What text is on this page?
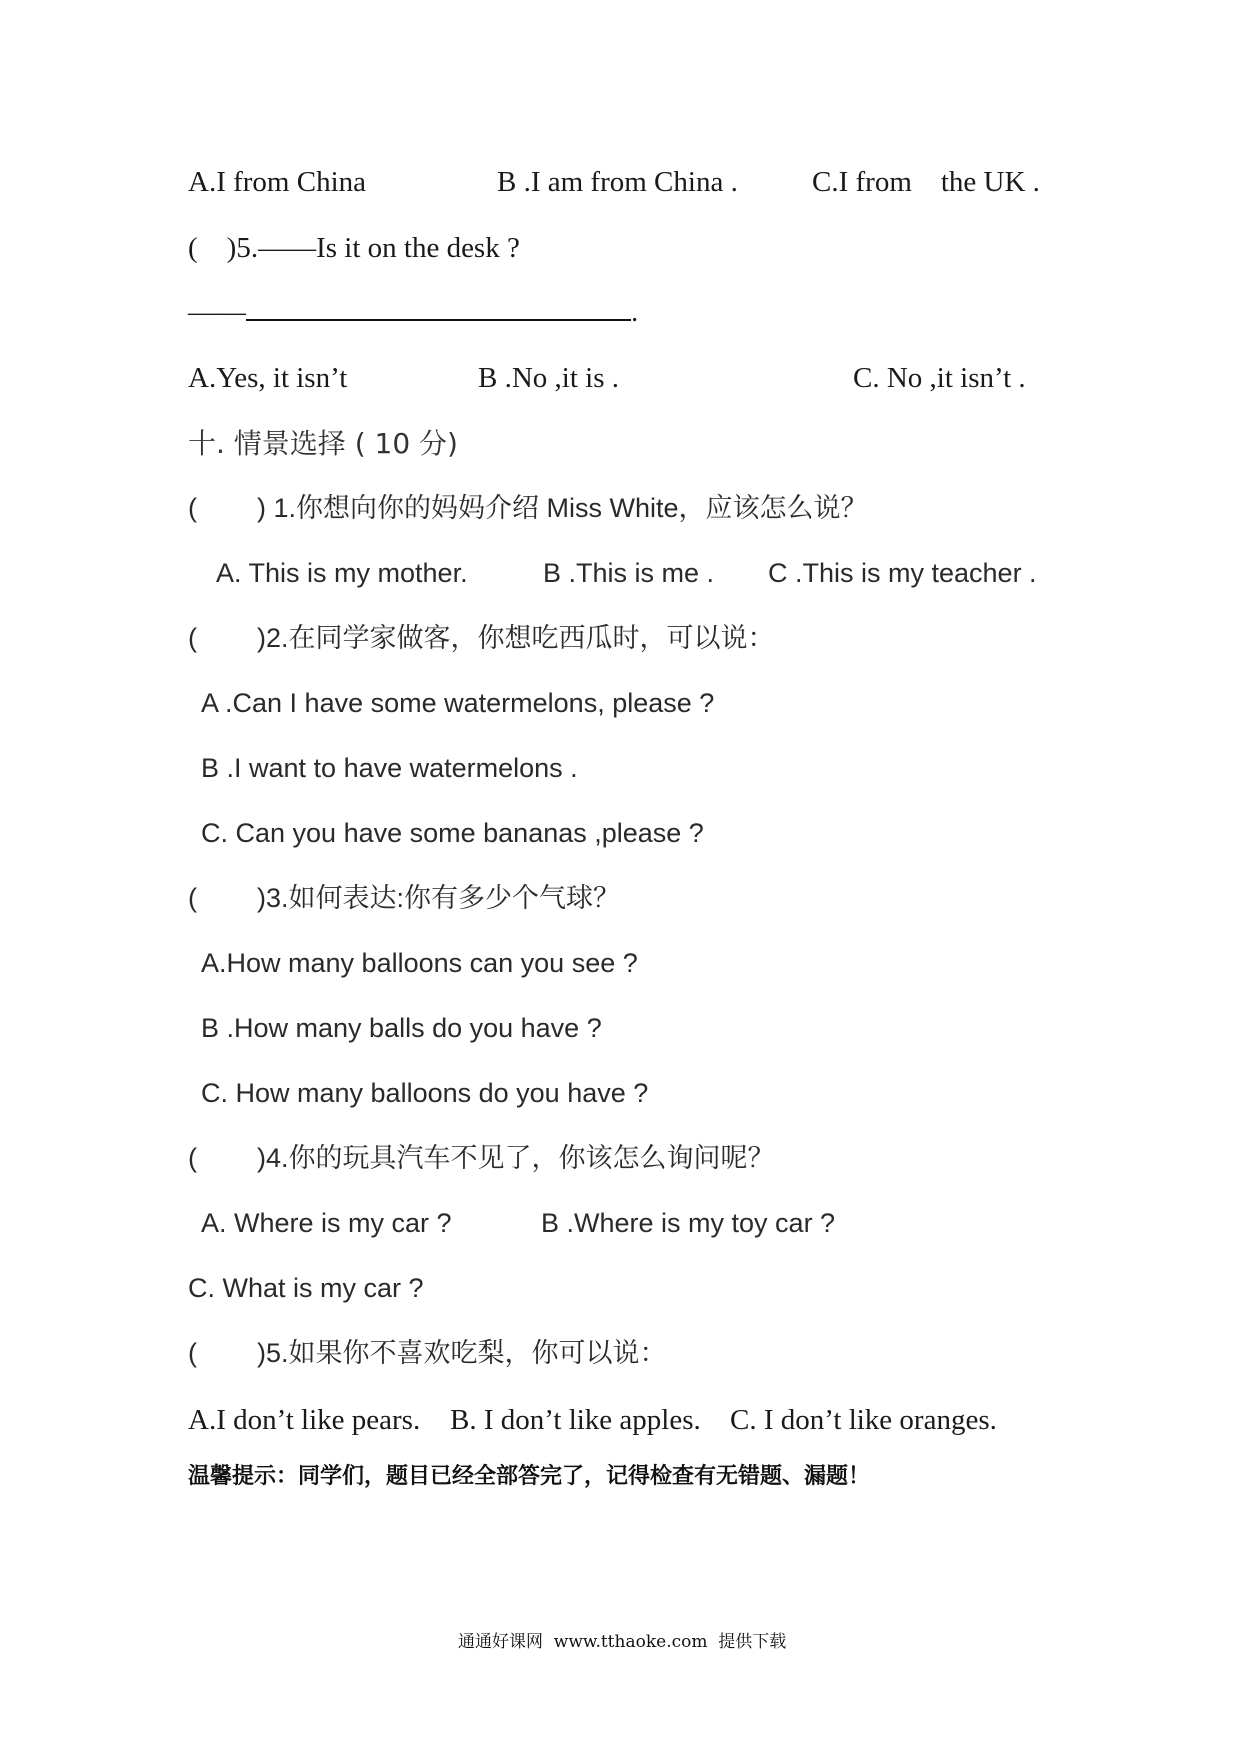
A.I from China	B .I am from China .	C.I from    the UK .
(    )5.——Is it on the desk ?
——	.
A.Yes, it isn’t	B .No ,it is .	C. No ,it isn’t .
十. 情景选择 ( 10 分)
(        ) 1.你想向你的妈妈介绍 Miss White，应该怎么说？
A. This is my mother.	B .This is me . C .This is my teacher .
(        )2.在同学家做客，你想吃西瓜时，可以说：
A .Can I have some watermelons, please ?
B .I want to have watermelons .
C. Can you have some bananas ,please ?
(        )3.如何表达:你有多少个气球？
A.How many balloons can you see ?
B .How many balls do you have ?
C. How many balloons do you have ?
(        )4.你的玩具汽车不见了，你该怎么询问呢？
A. Where is my car ?	B .Where is my toy car ?
C. What is my car ?
(        )5.如果你不喜欢吃梨，你可以说：
A.I don’t like pears. B. I don’t like apples. C. I don’t like oranges.
温馨提示：同学们，题目已经全部答完了，记得检查有无错题、漏题！
通通好课网  www.tthaoke.com  提供下载
